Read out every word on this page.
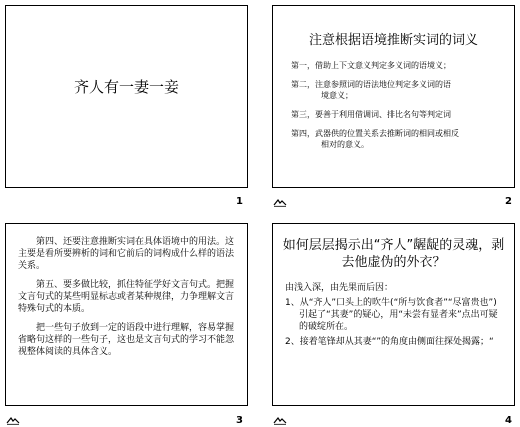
齐人有一妻一妾
1
注意根据语境推断实词的词义

第一，借助上下文意义判定多义词的语境义；

第二，注意参照词的语法地位判定多义词的语
境意义；

第三，要善于利用借调词、排比名句等判定词

第四，武器供的位置关系去推断词的相同或相反
相对的意义。

2

第四、还要注意推断实词在具体语境中的用法。这主要是看所要辨析的词和它前后的词构成什么样的语法关系。

第五、要多做比较，抓住特征学好文言句式。把握文言句式的某些明显标志或者某种规律，力争理解文言特殊句式的本质。

把一些句子放到一定的语段中进行理解，容易掌握省略句这样的一些句子，这也是文言句式的学习不能忽视整体阅读的具体含义。

3
如何层层揭示出“齐人”龌龊的灵魂，剥去他虚伪的外衣？

由浅入深，由先果而后因：

1、从“齐人”口头上的吹牛(“所与饮食者”“尽富贵也”)引起了“其妻”的疑心，用“未尝有显者来”点出可疑的破绽所在。

2、接着笔锋却从其妻“”的角度由侧面往探处揭露；“

4
